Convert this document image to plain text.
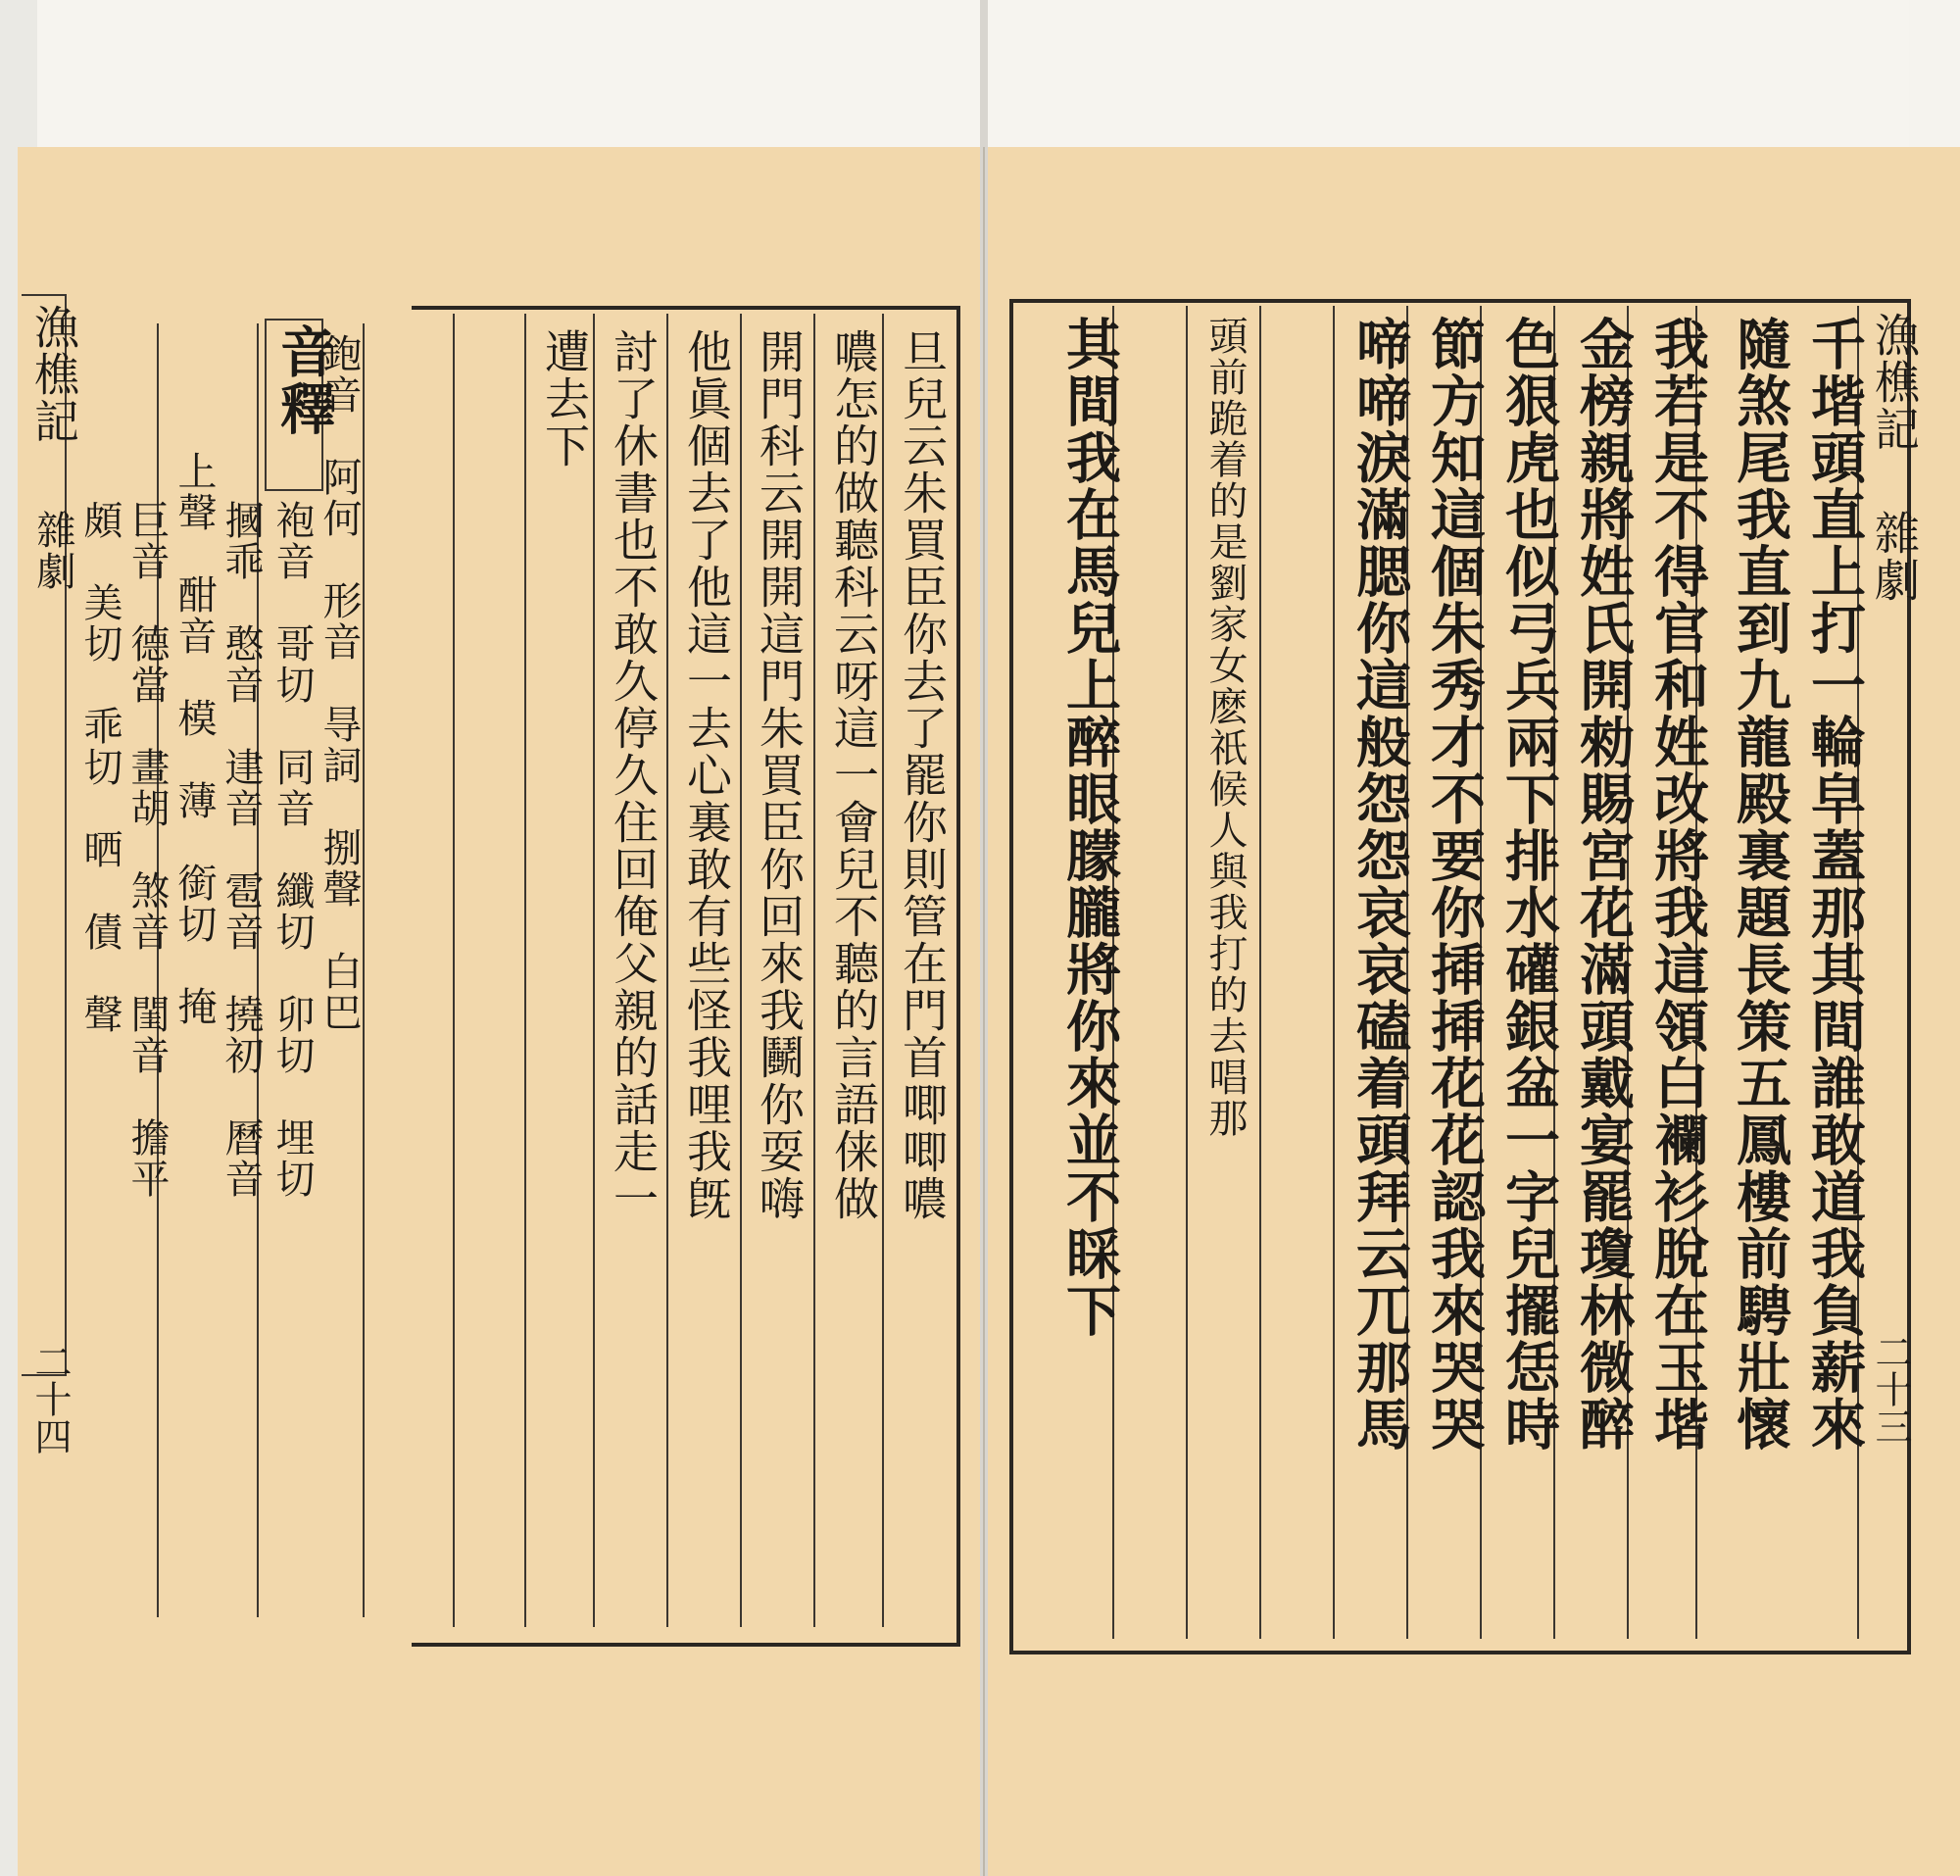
漁樵記
雜劇
二十四
音釋
鉋音　阿何　形音　㝵詞　捌聲　白巴
袍音　哥切　同音　纖切　卯切　埋切
摑乖　憨音　䢖音　雹音　撓初　曆音
上聲　酣音　模　薄　銜切　掩
巨音　德當　畫胡　煞音　閨音　擔平
頗　美切　乖切　晒　債　聲	旦兒云朱買臣你去了罷你則管在門首唧唧噥
噥怎的做聽科云呀這一會兒不聽的言語俫做
開門科云開開這門朱買臣你回來我鬭你耍嗨
他眞個去了他這一去心裏敢有些怪我哩我旣
討了休書也不敢久停久住回俺父親的話走一
遭去下	漁樵記
雜劇
二十三
千堦頭直上打一輪皁蓋那其間誰敢道我負薪來
隨煞尾我直到九龍殿裏題長策五鳳樓前騁壯懷
我若是不得官和姓改將我這領白襴衫脫在玉堦
金榜親將姓氏開勑賜宮花滿頭戴宴罷瓊林微醉
色狠虎也似弓兵兩下排水礶銀盆一字兒擺恁時
節方知這個朱秀才不要你揷揷花花認我來哭哭
啼啼淚滿腮你這般怨怨哀哀磕着頭拜云兀那馬
頭前跪着的是劉家女麽祇候人與我打的去唱那
其間我在馬兒上醉眼朦朧將你來並不睬下
